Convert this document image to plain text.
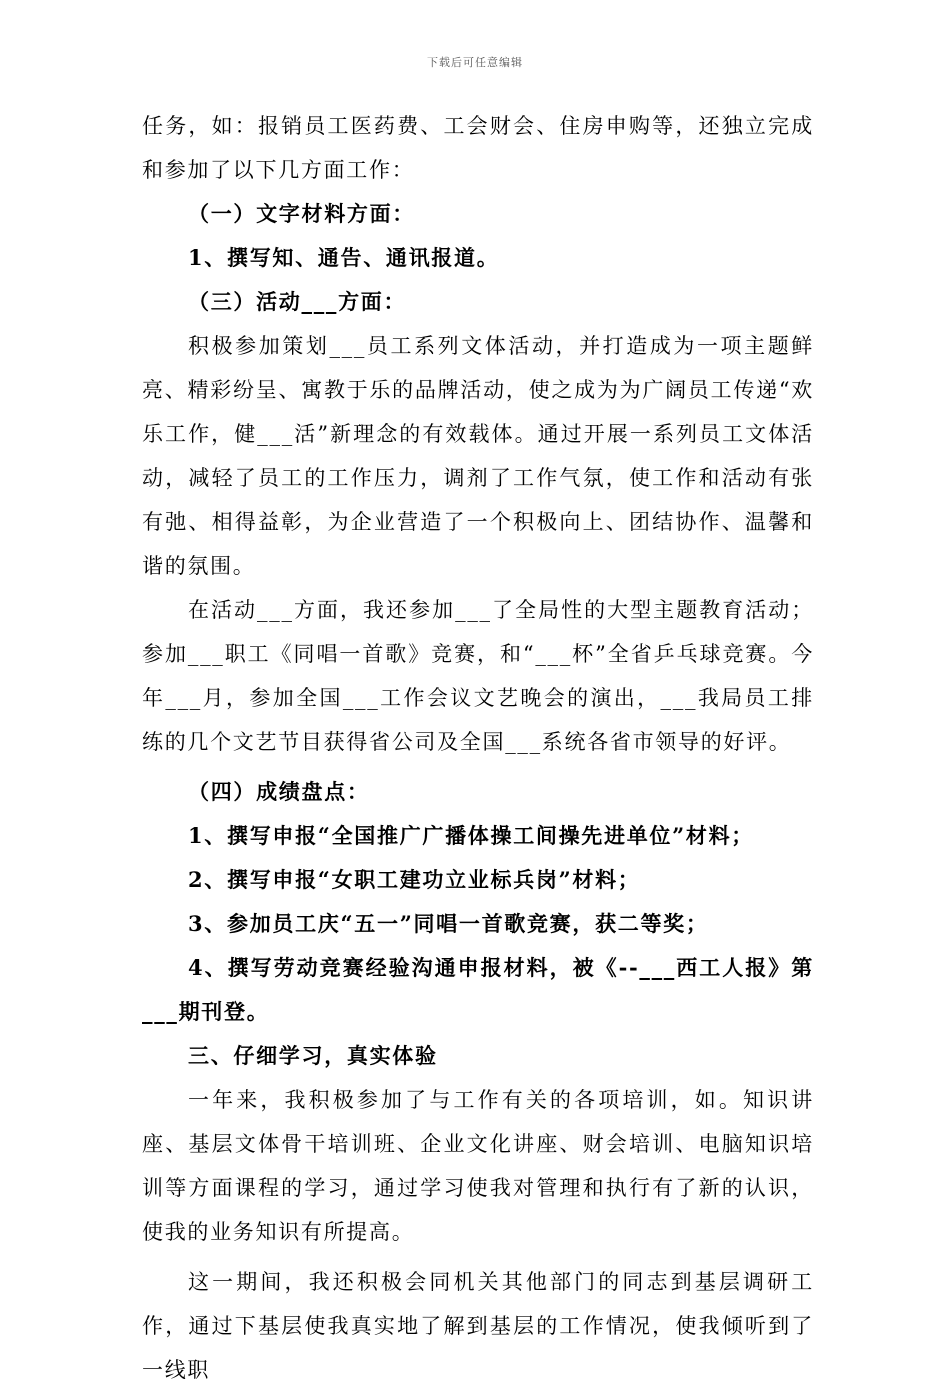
下载后可任意编辑

任务，如：报销员工医药费、工会财会、住房申购等，还独立完成和参加了以下几方面工作：

（一）文字材料方面：

1、撰写知、通告、通讯报道。

（三）活动___方面：

积极参加策划___员工系列文体活动，并打造成为一项主题鲜亮、精彩纷呈、寓教于乐的品牌活动，使之成为为广阔员工传递“欢乐工作，健___活”新理念的有效载体。通过开展一系列员工文体活动，减轻了员工的工作压力，调剂了工作气氛，使工作和活动有张有弛、相得益彰，为企业营造了一个积极向上、团结协作、温馨和谐的氛围。

在活动___方面，我还参加___了全局性的大型主题教育活动；参加___职工《同唱一首歌》竞赛，和“___杯”全省乒乓球竞赛。今年___月，参加全国___工作会议文艺晚会的演出，___我局员工排练的几个文艺节目获得省公司及全国___系统各省市领导的好评。

（四）成绩盘点：

1、撰写申报“全国推广广播体操工间操先进单位”材料；

2、撰写申报“女职工建功立业标兵岗”材料；

3、参加员工庆“五一”同唱一首歌竞赛，获二等奖；

4、撰写劳动竞赛经验沟通申报材料，被《--___西工人报》第___期刊登。

三、仔细学习，真实体验

一年来，我积极参加了与工作有关的各项培训，如。知识讲座、基层文体骨干培训班、企业文化讲座、财会培训、电脑知识培训等方面课程的学习，通过学习使我对管理和执行有了新的认识，使我的业务知识有所提高。

这一期间，我还积极会同机关其他部门的同志到基层调研工作，通过下基层使我真实地了解到基层的工作情况，使我倾听到了一线职
